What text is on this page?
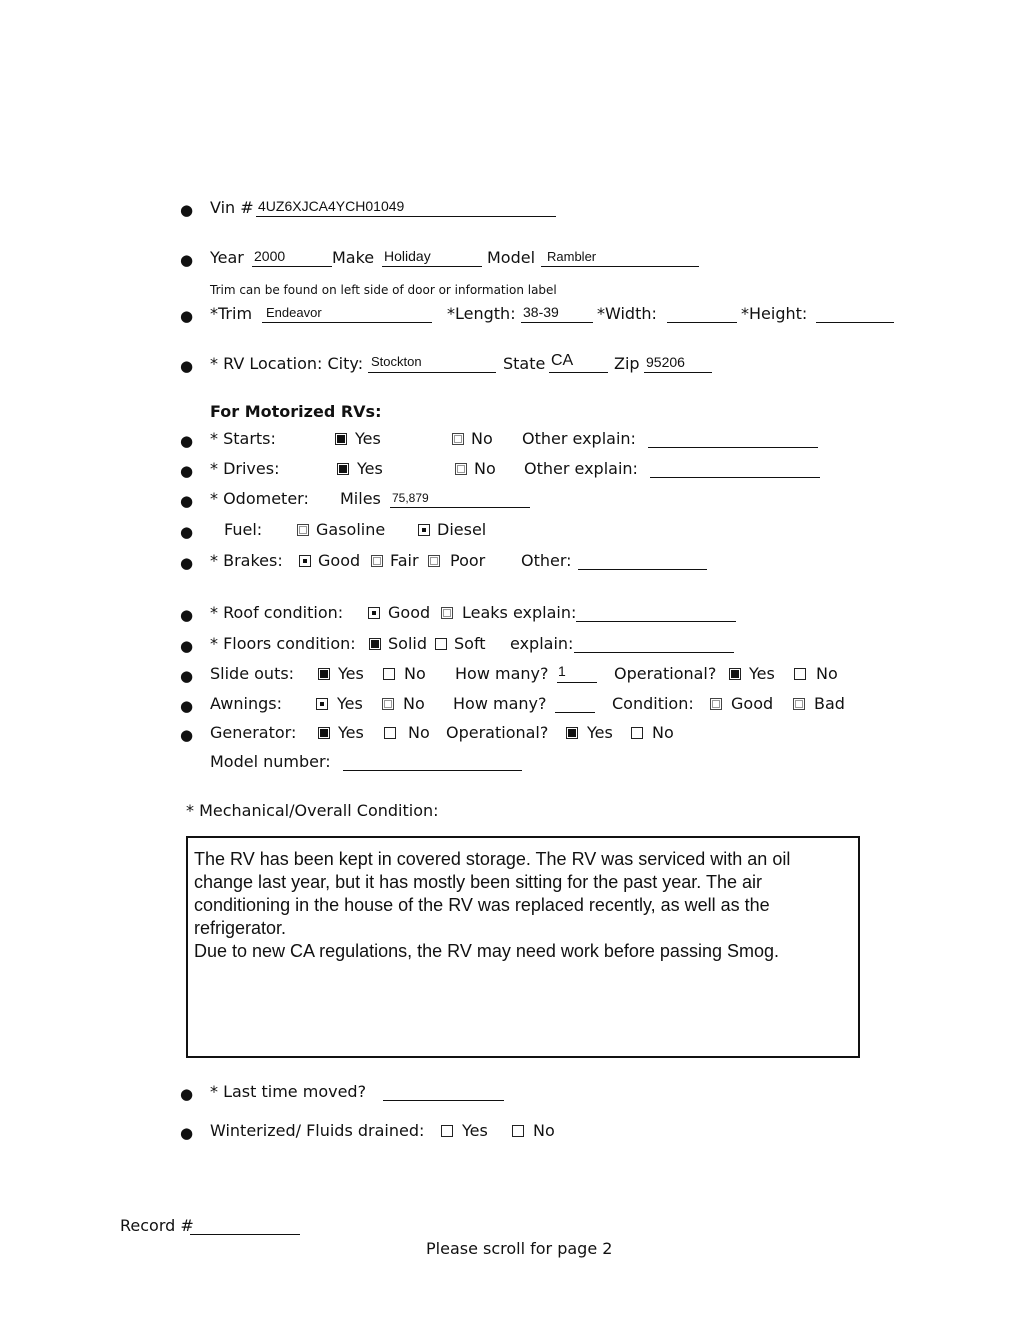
● Vin # 4UZ6XJCA4YCH01049
● Year 2000	Make Holiday	Model Rambler
Trim can be found on left side of door or information label
● *Trim Endeavor	*Length: 38-39 *Width:	*Height:
● * RV Location: City: Stockton	State CA	Zip 95206
For Motorized RVs:
● * Starts:	Yes	No Other explain:
● * Drives:	Yes	No Other explain:
● * Odometer: Miles 75,879
● Fuel:	Gasoline	Diesel
● * Brakes: Good Fair Poor Other:
● * Roof condition:	Good Leaks explain:
● * Floors condition: Solid Soft explain:
● Slide outs:	Yes	No How many? 1	Operational? Yes	No
● Awnings:	Yes	No How many?	Condition: Good	Bad
● Generator:	Yes	No Operational? Yes No
Model number:
* Mechanical/Overall Condition:

The RV has been kept in covered storage. The RV was serviced with an oil change last year, but it has mostly been sitting for the past year. The air conditioning in the house of the RV was replaced recently, as well as the refrigerator.

Due to new CA regulations, the RV may need work before passing Smog.

● * Last time moved?
● Winterized/ Fluids drained: Yes	No
Record #
Please scroll for page 2
